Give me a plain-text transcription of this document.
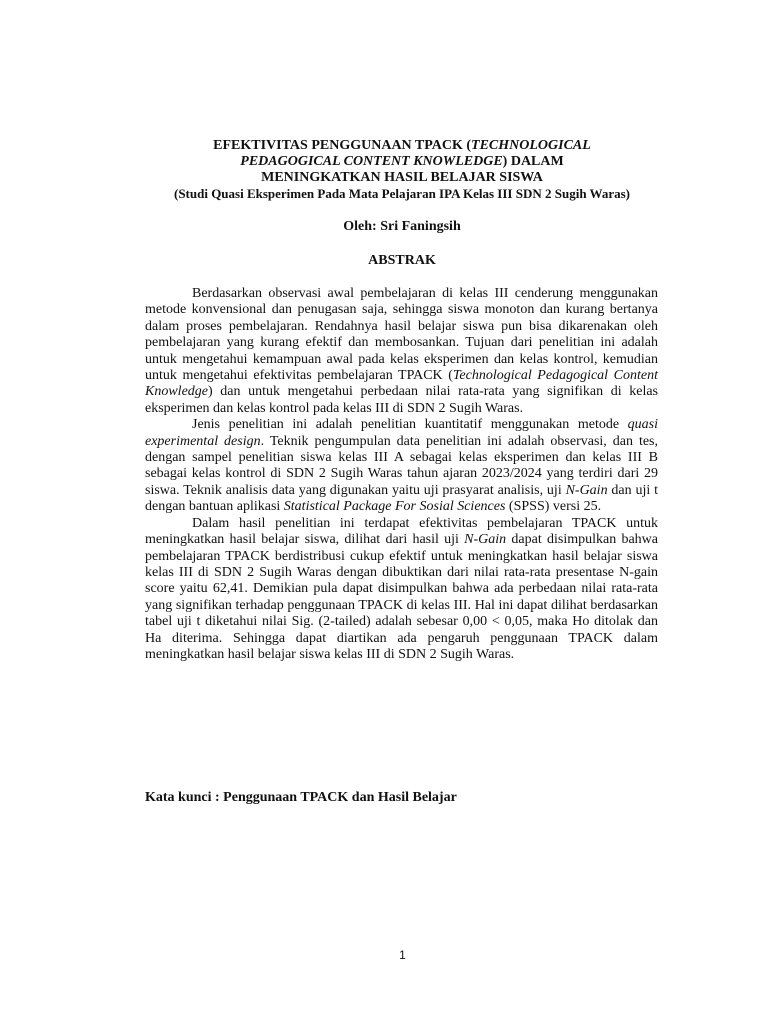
EFEKTIVITAS PENGGUNAAN TPACK (TECHNOLOGICAL
PEDAGOGICAL CONTENT KNOWLEDGE) DALAM
MENINGKATKAN HASIL BELAJAR SISWA
(Studi Quasi Eksperimen Pada Mata Pelajaran IPA Kelas III SDN 2 Sugih Waras)
Oleh: Sri Faningsih
ABSTRAK

Berdasarkan observasi awal pembelajaran di kelas III cenderung menggunakan metode konvensional dan penugasan saja, sehingga siswa monoton dan kurang bertanya dalam proses pembelajaran. Rendahnya hasil belajar siswa pun bisa dikarenakan oleh pembelajaran yang kurang efektif dan membosankan. Tujuan dari penelitian ini adalah untuk mengetahui kemampuan awal pada kelas eksperimen dan kelas kontrol, kemudian untuk mengetahui efektivitas pembelajaran TPACK (Technological Pedagogical Content Knowledge) dan untuk mengetahui perbedaan nilai rata-rata yang signifikan di kelas eksperimen dan kelas kontrol pada kelas III di SDN 2 Sugih Waras.

Jenis penelitian ini adalah penelitian kuantitatif menggunakan metode quasi experimental design. Teknik pengumpulan data penelitian ini adalah observasi, dan tes, dengan sampel penelitian siswa kelas III A sebagai kelas eksperimen dan kelas III B sebagai kelas kontrol di SDN 2 Sugih Waras tahun ajaran 2023/2024 yang terdiri dari 29 siswa. Teknik analisis data yang digunakan yaitu uji prasyarat analisis, uji N-Gain dan uji t dengan bantuan aplikasi Statistical Package For Sosial Sciences (SPSS) versi 25.

Dalam hasil penelitian ini terdapat efektivitas pembelajaran TPACK untuk meningkatkan hasil belajar siswa, dilihat dari hasil uji N-Gain dapat disimpulkan bahwa pembelajaran TPACK berdistribusi cukup efektif untuk meningkatkan hasil belajar siswa kelas III di SDN 2 Sugih Waras dengan dibuktikan dari nilai rata-rata presentase N-gain score yaitu 62,41. Demikian pula dapat disimpulkan bahwa ada perbedaan nilai rata-rata yang signifikan terhadap penggunaan TPACK di kelas III. Hal ini dapat dilihat berdasarkan tabel uji t diketahui nilai Sig. (2-tailed) adalah sebesar 0,00 < 0,05, maka Ho ditolak dan Ha diterima. Sehingga dapat diartikan ada pengaruh penggunaan TPACK dalam meningkatkan hasil belajar siswa kelas III di SDN 2 Sugih Waras.

Kata kunci : Penggunaan TPACK dan Hasil Belajar
1
